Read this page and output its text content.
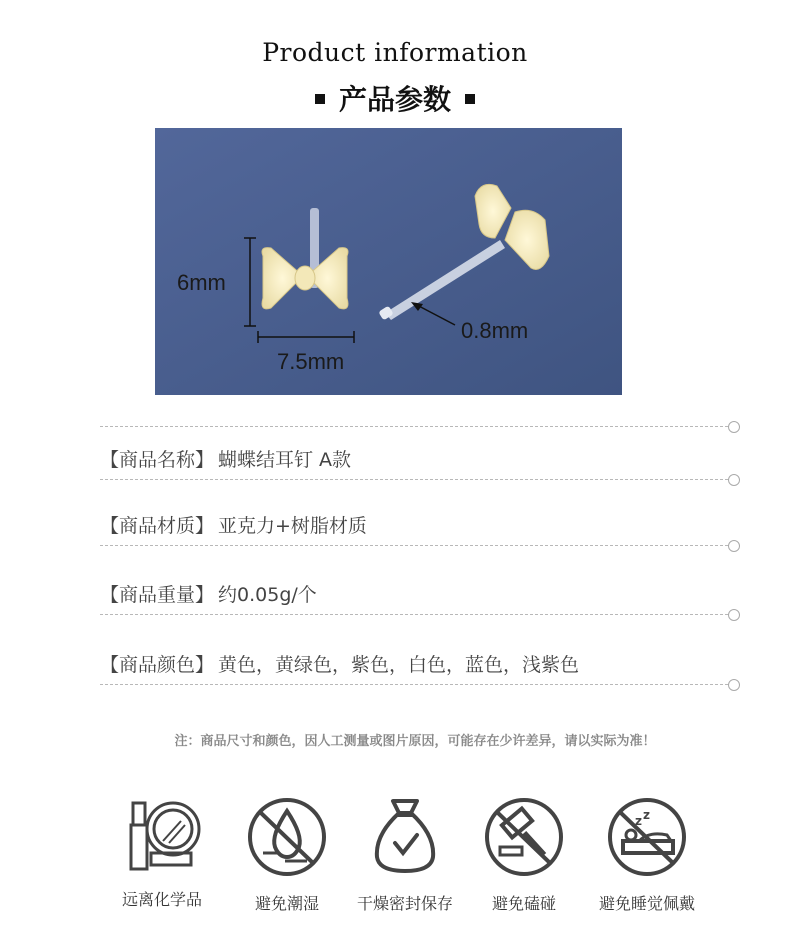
Product information
产品参数
6mm
7.5mm
0.8mm
【商品名称】 蝴蝶结耳钉 A款
【商品材质】 亚克力+树脂材质
【商品重量】 约0.05g/个
【商品颜色】 黄色，黄绿色，紫色，白色，蓝色，浅紫色
注：商品尺寸和颜色，因人工测量或图片原因，可能存在少许差异，请以实际为准！
远离化学品	避免潮湿	干燥密封保存	避免磕碰
z z
避免睡觉佩戴
